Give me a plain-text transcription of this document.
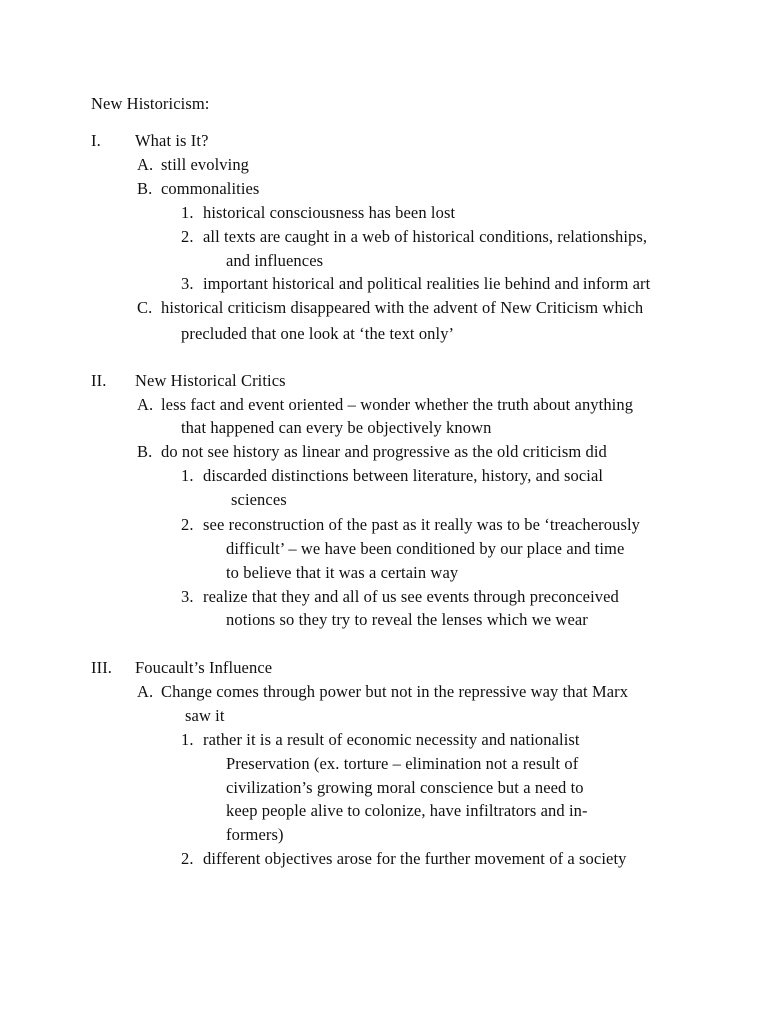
New Historicism:
I. What is It?
A. still evolving
B. commonalities
1. historical consciousness has been lost
2. all texts are caught in a web of historical conditions, relationships,
and influences
3. important historical and political realities lie behind and inform art
C. historical criticism disappeared with the advent of New Criticism which
precluded that one look at ‘the text only’
II. New Historical Critics
A. less fact and event oriented – wonder whether the truth about anything
that happened can every be objectively known
B. do not see history as linear and progressive as the old criticism did
1. discarded distinctions between literature, history, and social
sciences
2. see reconstruction of the past as it really was to be ‘treacherously
difficult’ – we have been conditioned by our place and time
to believe that it was a certain way
3. realize that they and all of us see events through preconceived
notions so they try to reveal the lenses which we wear
III. Foucault’s Influence
A. Change comes through power but not in the repressive way that Marx
saw it
1. rather it is a result of economic necessity and nationalist
Preservation (ex. torture – elimination not a result of
civilization’s growing moral conscience but a need to
keep people alive to colonize, have infiltrators and in-
formers)
2. different objectives arose for the further movement of a society
